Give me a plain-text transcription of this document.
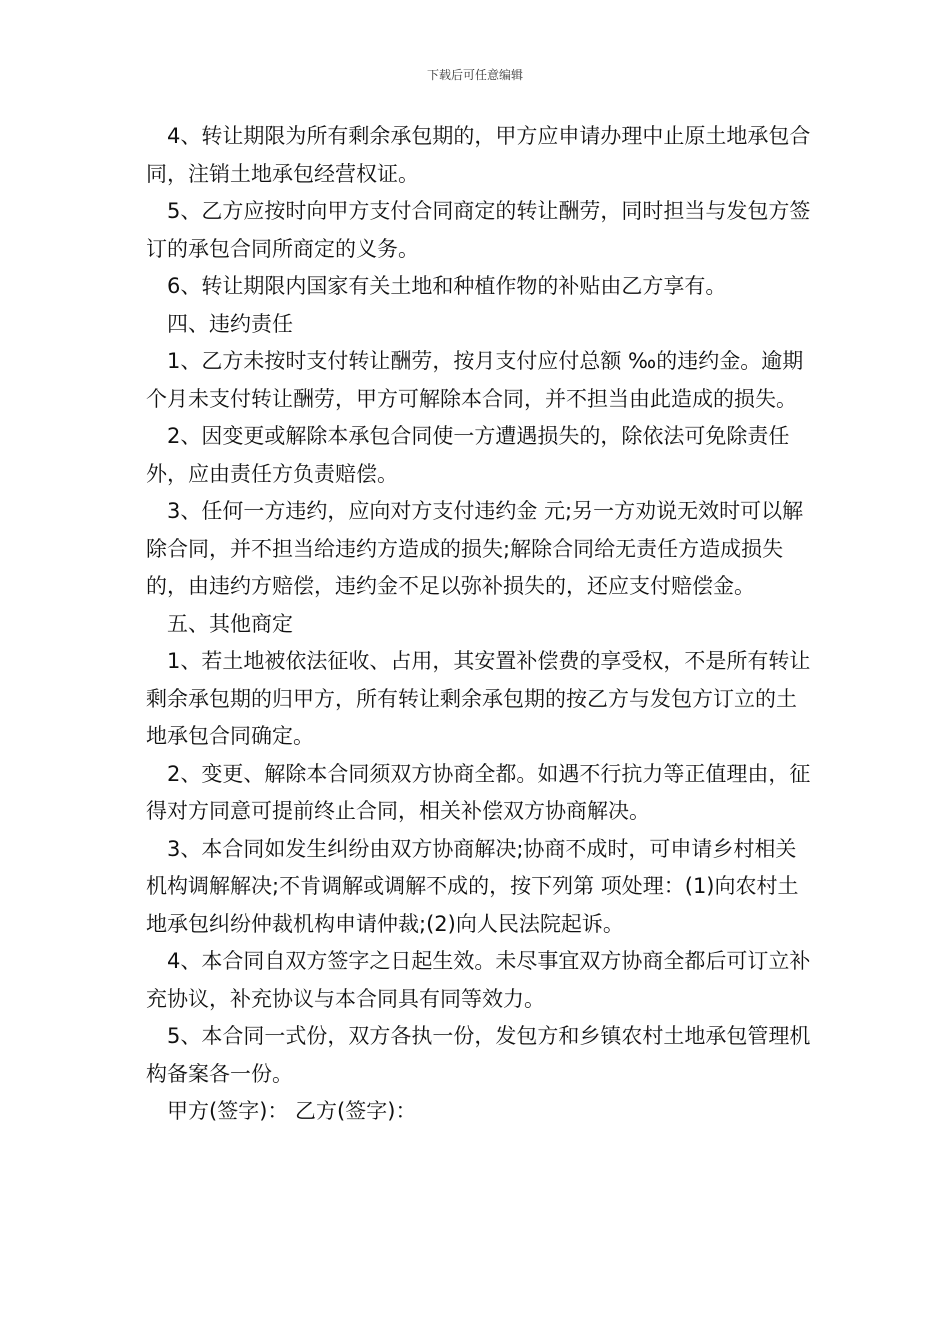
下载后可任意编辑

4、转让期限为所有剩余承包期的，甲方应申请办理中止原土地承包合同，注销土地承包经营权证。

5、乙方应按时向甲方支付合同商定的转让酬劳，同时担当与发包方签订的承包合同所商定的义务。

6、转让期限内国家有关土地和种植作物的补贴由乙方享有。

四、违约责任

1、乙方未按时支付转让酬劳，按月支付应付总额 ‰的违约金。逾期 个月未支付转让酬劳，甲方可解除本合同，并不担当由此造成的损失。

2、因变更或解除本承包合同使一方遭遇损失的，除依法可免除责任外，应由责任方负责赔偿。

3、任何一方违约，应向对方支付违约金 元;另一方劝说无效时可以解除合同，并不担当给违约方造成的损失;解除合同给无责任方造成损失的，由违约方赔偿，违约金不足以弥补损失的，还应支付赔偿金。

五、其他商定

1、若土地被依法征收、占用，其安置补偿费的享受权，不是所有转让剩余承包期的归甲方，所有转让剩余承包期的按乙方与发包方订立的土地承包合同确定。

2、变更、解除本合同须双方协商全都。如遇不行抗力等正值理由，征得对方同意可提前终止合同，相关补偿双方协商解决。

3、本合同如发生纠纷由双方协商解决;协商不成时，可申请乡村相关机构调解解决;不肯调解或调解不成的，按下列第 项处理：(1)向农村土地承包纠纷仲裁机构申请仲裁;(2)向人民法院起诉。

4、本合同自双方签字之日起生效。未尽事宜双方协商全都后可订立补充协议，补充协议与本合同具有同等效力。

5、本合同一式份，双方各执一份，发包方和乡镇农村土地承包管理机构备案各一份。

甲方(签字)： 乙方(签字)：
